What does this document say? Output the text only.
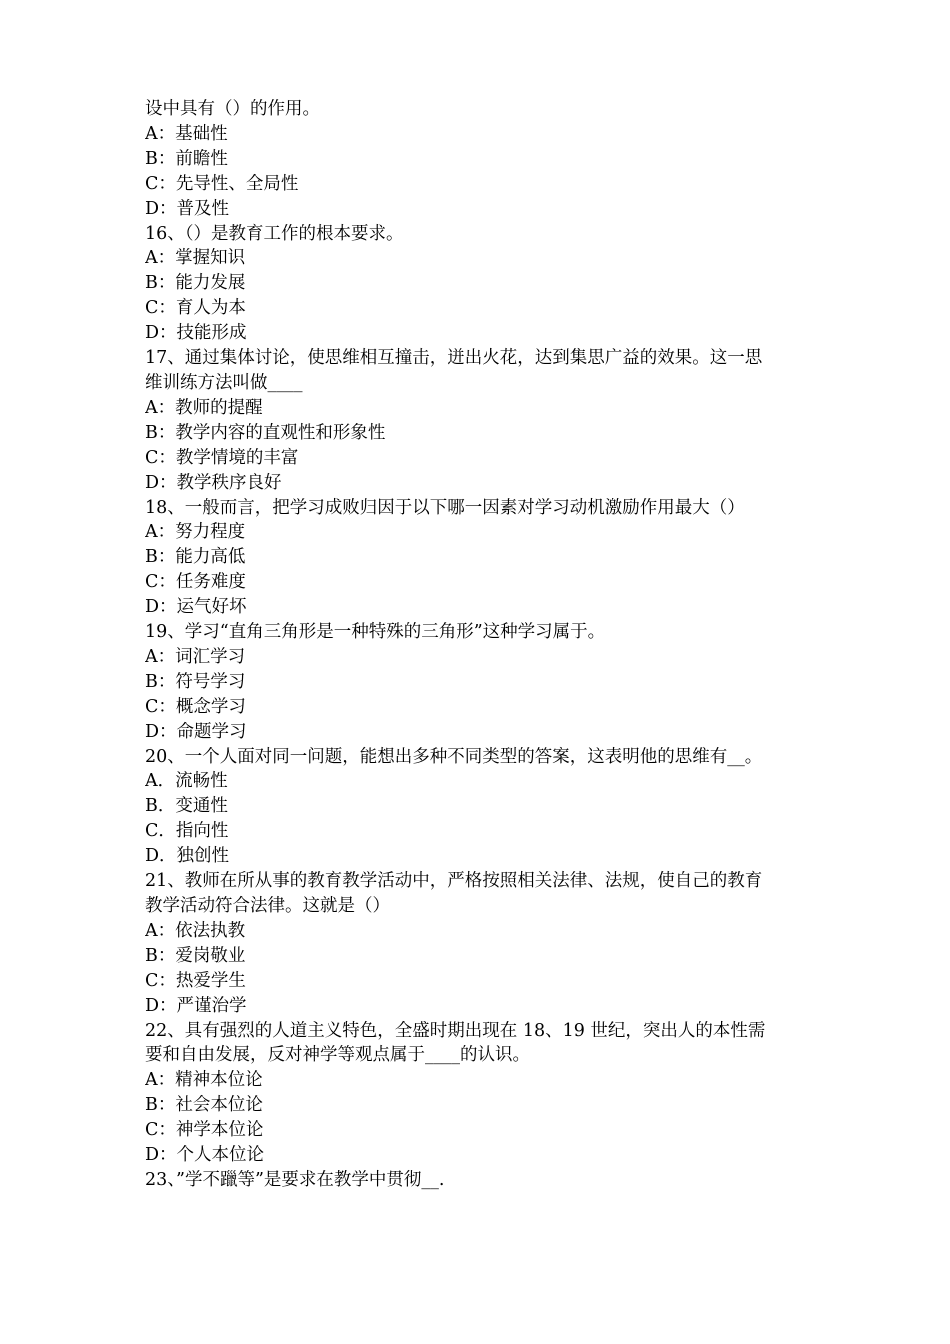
设中具有（）的作用。
A：基础性
B：前瞻性
C：先导性、全局性
D：普及性
16、（）是教育工作的根本要求。
A：掌握知识
B：能力发展
C：育人为本
D：技能形成
17、通过集体讨论，使思维相互撞击，迸出火花，达到集思广益的效果。这一思
维训练方法叫做____
A：教师的提醒
B：教学内容的直观性和形象性
C：教学情境的丰富
D：教学秩序良好
18、一般而言，把学习成败归因于以下哪一因素对学习动机激励作用最大（）
A：努力程度
B：能力高低
C：任务难度
D：运气好坏
19、学习“直角三角形是一种特殊的三角形”这种学习属于。
A：词汇学习
B：符号学习
C：概念学习
D：命题学习
20、一个人面对同一问题，能想出多种不同类型的答案，这表明他的思维有__。
A．流畅性
B．变通性
C．指向性
D．独创性
21、教师在所从事的教育教学活动中，严格按照相关法律、法规，使自己的教育
教学活动符合法律。这就是（）
A：依法执教
B：爱岗敬业
C：热爱学生
D：严谨治学
22、具有强烈的人道主义特色，全盛时期出现在 18、19 世纪，突出人的本性需
要和自由发展，反对神学等观点属于____的认识。
A：精神本位论
B：社会本位论
C：神学本位论
D：个人本位论
23、”学不躐等”是要求在教学中贯彻__.
